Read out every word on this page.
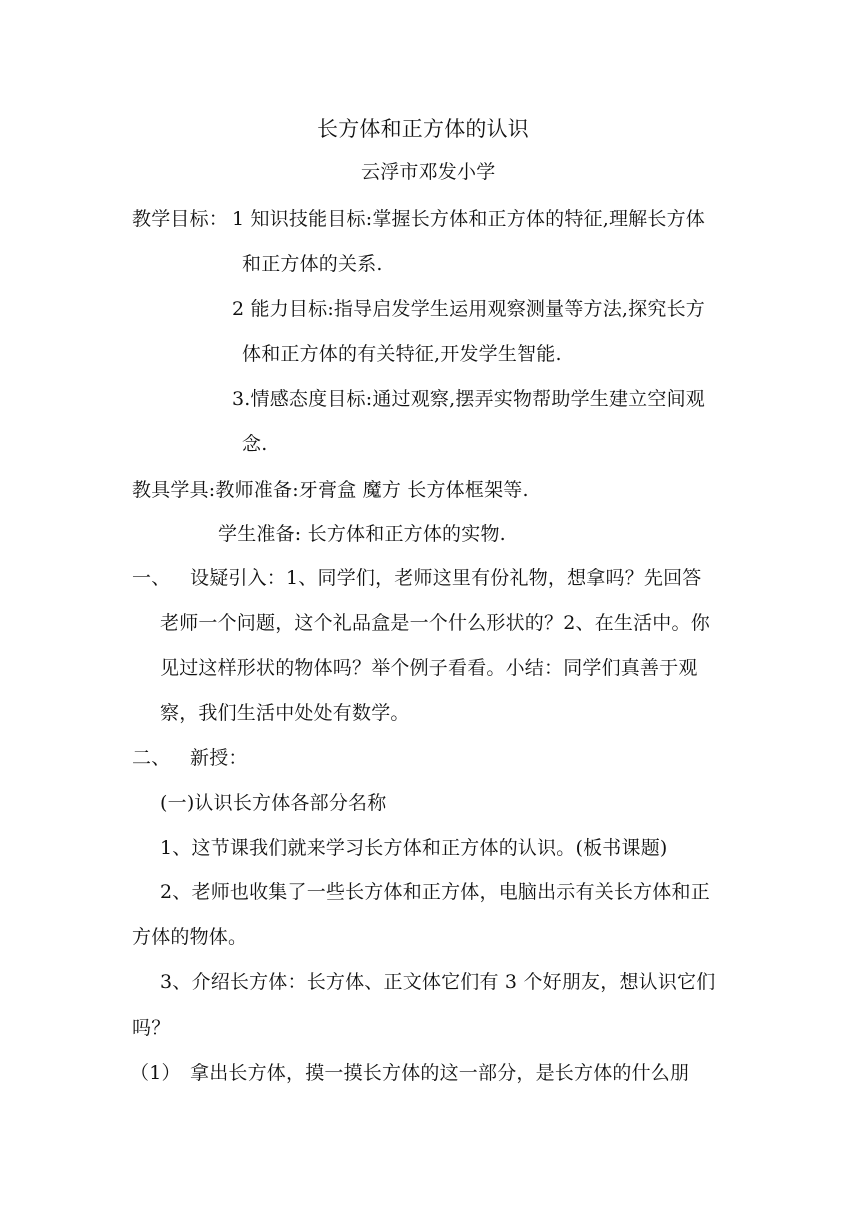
长方体和正方体的认识
云浮市邓发小学
教学目标： 1 知识技能目标:掌握长方体和正方体的特征,理解长方体
和正方体的关系.
2 能力目标:指导启发学生运用观察测量等方法,探究长方
体和正方体的有关特征,开发学生智能.
3.情感态度目标:通过观察,摆弄实物帮助学生建立空间观
念.
教具学具:教师准备:牙膏盒 魔方 长方体框架等.
学生准备: 长方体和正方体的实物.
一、 设疑引入：1、同学们，老师这里有份礼物，想拿吗？先回答
老师一个问题，这个礼品盒是一个什么形状的？2、在生活中。你
见过这样形状的物体吗？举个例子看看。小结：同学们真善于观
察，我们生活中处处有数学。
二、 新授：
(一)认识长方体各部分名称
1、这节课我们就来学习长方体和正方体的认识。(板书课题)
2、老师也收集了一些长方体和正方体，电脑出示有关长方体和正
方体的物体。
3、介绍长方体：长方体、正文体它们有 3 个好朋友，想认识它们
吗？
（1） 拿出长方体，摸一摸长方体的这一部分，是长方体的什么朋
